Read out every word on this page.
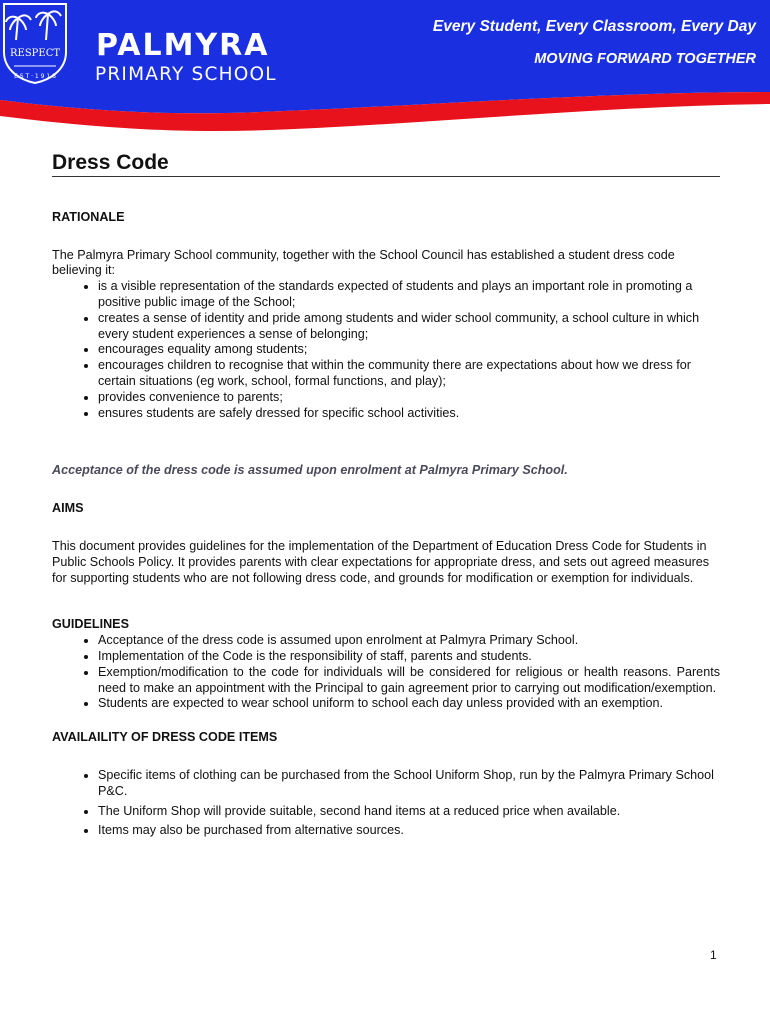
RESPECT
E S T · 1 9 1 8
PALMYRA
PRIMARY SCHOOL
Every Student, Every Classroom, Every Day
MOVING FORWARD TOGETHER
Dress Code

RATIONALE

The Palmyra Primary School community, together with the School Council has established a student dress code believing it:

• is a visible representation of the standards expected of students and plays an important role in promoting a positive public image of the School;
• creates a sense of identity and pride among students and wider school community, a school culture in which every student experiences a sense of belonging;
• encourages equality among students;
• encourages children to recognise that within the community there are expectations about how we dress for certain situations (eg work, school, formal functions, and play);
• provides convenience to parents;
• ensures students are safely dressed for specific school activities.

Acceptance of the dress code is assumed upon enrolment at Palmyra Primary School.

AIMS

This document provides guidelines for the implementation of the Department of Education Dress Code for Students in Public Schools Policy. It provides parents with clear expectations for appropriate dress, and sets out agreed measures for supporting students who are not following dress code, and grounds for modification or exemption for individuals.

GUIDELINES

• Acceptance of the dress code is assumed upon enrolment at Palmyra Primary School.
• Implementation of the Code is the responsibility of staff, parents and students.
• Exemption/modification to the code for individuals will be considered for religious or health reasons. Parents need to make an appointment with the Principal to gain agreement prior to carrying out modification/exemption.
• Students are expected to wear school uniform to school each day unless provided with an exemption.

AVAILAILITY OF DRESS CODE ITEMS

• Specific items of clothing can be purchased from the School Uniform Shop, run by the Palmyra Primary School P&C.
• The Uniform Shop will provide suitable, second hand items at a reduced price when available.
• Items may also be purchased from alternative sources.
1
